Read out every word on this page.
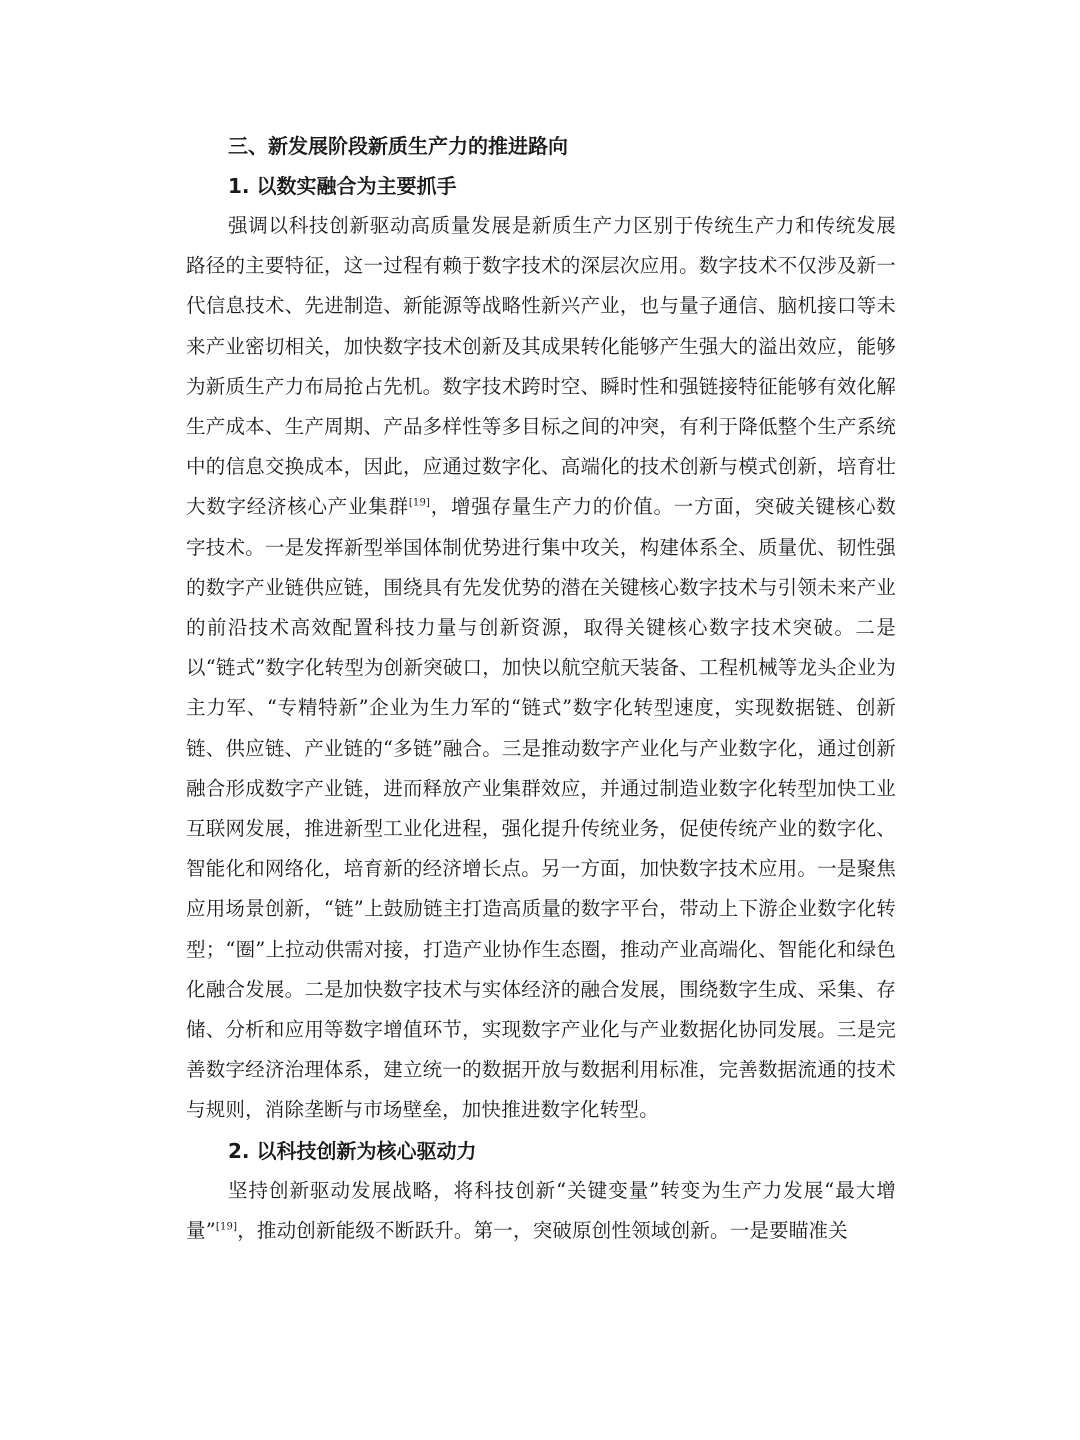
三、新发展阶段新质生产力的推进路向

1. 以数实融合为主要抓手

强调以科技创新驱动高质量发展是新质生产力区别于传统生产力和传统发展路径的主要特征，这一过程有赖于数字技术的深层次应用。数字技术不仅涉及新一代信息技术、先进制造、新能源等战略性新兴产业，也与量子通信、脑机接口等未来产业密切相关，加快数字技术创新及其成果转化能够产生强大的溢出效应，能够为新质生产力布局抢占先机。数字技术跨时空、瞬时性和强链接特征能够有效化解生产成本、生产周期、产品多样性等多目标之间的冲突，有利于降低整个生产系统中的信息交换成本，因此，应通过数字化、高端化的技术创新与模式创新，培育壮大数字经济核心产业集群[19]，增强存量生产力的价值。一方面，突破关键核心数字技术。一是发挥新型举国体制优势进行集中攻关，构建体系全、质量优、韧性强的数字产业链供应链，围绕具有先发优势的潜在关键核心数字技术与引领未来产业的前沿技术高效配置科技力量与创新资源，取得关键核心数字技术突破。二是以“链式”数字化转型为创新突破口，加快以航空航天装备、工程机械等龙头企业为主力军、“专精特新”企业为生力军的“链式”数字化转型速度，实现数据链、创新链、供应链、产业链的“多链”融合。三是推动数字产业化与产业数字化，通过创新融合形成数字产业链，进而释放产业集群效应，并通过制造业数字化转型加快工业互联网发展，推进新型工业化进程，强化提升传统业务，促使传统产业的数字化、智能化和网络化，培育新的经济增长点。另一方面，加快数字技术应用。一是聚焦应用场景创新，“链”上鼓励链主打造高质量的数字平台，带动上下游企业数字化转型；“圈”上拉动供需对接，打造产业协作生态圈，推动产业高端化、智能化和绿色化融合发展。二是加快数字技术与实体经济的融合发展，围绕数字生成、采集、存储、分析和应用等数字增值环节，实现数字产业化与产业数据化协同发展。三是完善数字经济治理体系，建立统一的数据开放与数据利用标准，完善数据流通的技术与规则，消除垄断与市场壁垒，加快推进数字化转型。

2. 以科技创新为核心驱动力

坚持创新驱动发展战略，将科技创新“关键变量”转变为生产力发展“最大增量”[19]，推动创新能级不断跃升。第一，突破原创性领域创新。一是要瞄准关
